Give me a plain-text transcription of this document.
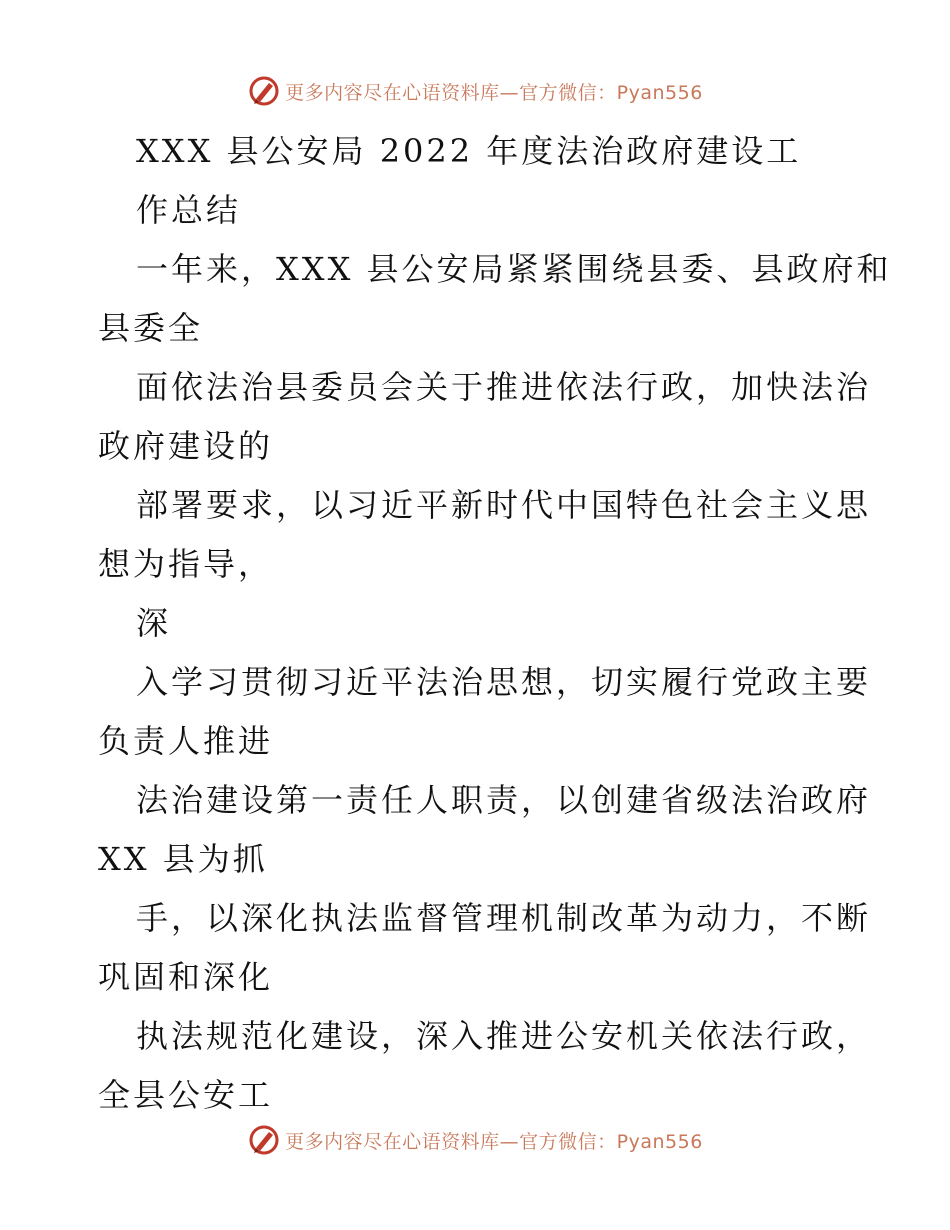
更多内容尽在心语资料库—官方微信：Pyan556
XXX 县公安局 2022 年度法治政府建设工
作总结
一年来，XXX 县公安局紧紧围绕县委、县政府和
县委全
面依法治县委员会关于推进依法行政，加快法治
政府建设的
部署要求，以习近平新时代中国特色社会主义思
想为指导，
深
入学习贯彻习近平法治思想，切实履行党政主要
负责人推进
法治建设第一责任人职责，以创建省级法治政府
XX 县为抓
手，以深化执法监督管理机制改革为动力，不断
巩固和深化
执法规范化建设，深入推进公安机关依法行政，
全县公安工
更多内容尽在心语资料库—官方微信：Pyan556
